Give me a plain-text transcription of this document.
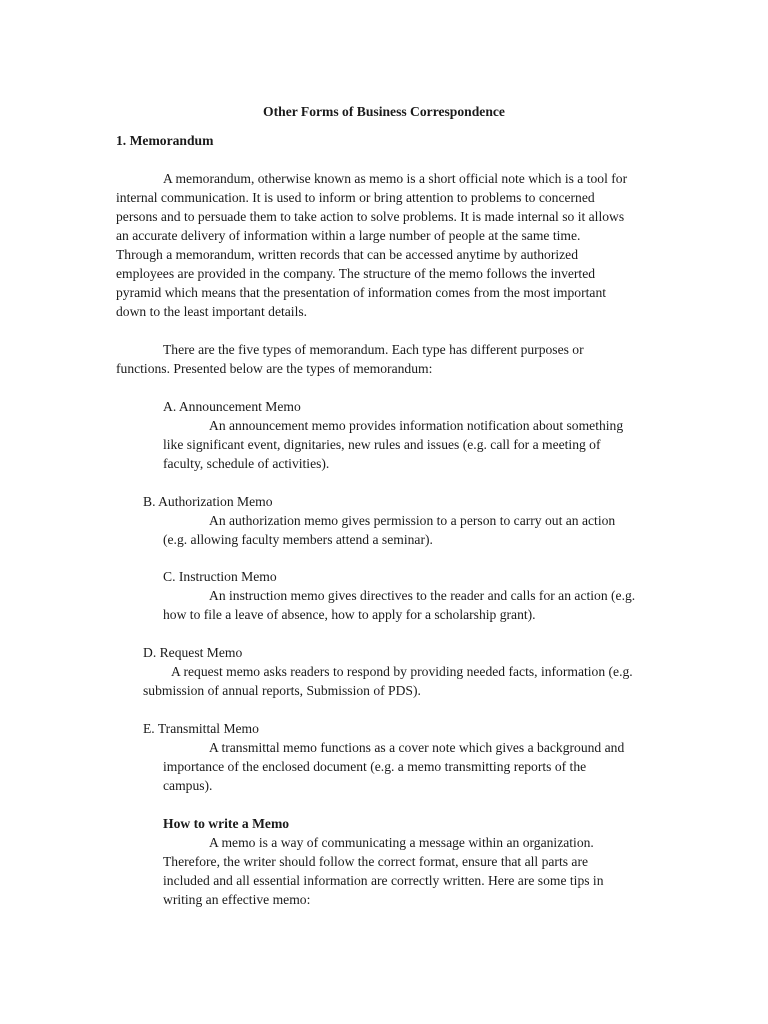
Other Forms of Business Correspondence
1. Memorandum
A memorandum, otherwise known as memo is a short official note which is a tool for
internal communication. It is used to inform or bring attention to problems to concerned
persons and to persuade them to take action to solve problems. It is made internal so it allows
an accurate delivery of information within a large number of people at the same time.
Through a memorandum, written records that can be accessed anytime by authorized
employees are provided in the company. The structure of the memo follows the inverted
pyramid which means that the presentation of information comes from the most important
down to the least important details.
There are the five types of memorandum. Each type has different purposes or
functions. Presented below are the types of memorandum:
A. Announcement Memo
An announcement memo provides information notification about something
like significant event, dignitaries, new rules and issues (e.g. call for a meeting of
faculty, schedule of activities).
B. Authorization Memo
An authorization memo gives permission to a person to carry out an action
(e.g. allowing faculty members attend a seminar).
C. Instruction Memo
An instruction memo gives directives to the reader and calls for an action (e.g.
how to file a leave of absence, how to apply for a scholarship grant).
D. Request Memo
A request memo asks readers to respond by providing needed facts, information (e.g.
submission of annual reports, Submission of PDS).
E. Transmittal Memo
A transmittal memo functions as a cover note which gives a background and
importance of the enclosed document (e.g. a memo transmitting reports of the
campus).
How to write a Memo
A memo is a way of communicating a message within an organization.
Therefore, the writer should follow the correct format, ensure that all parts are
included and all essential information are correctly written. Here are some tips in
writing an effective memo:
